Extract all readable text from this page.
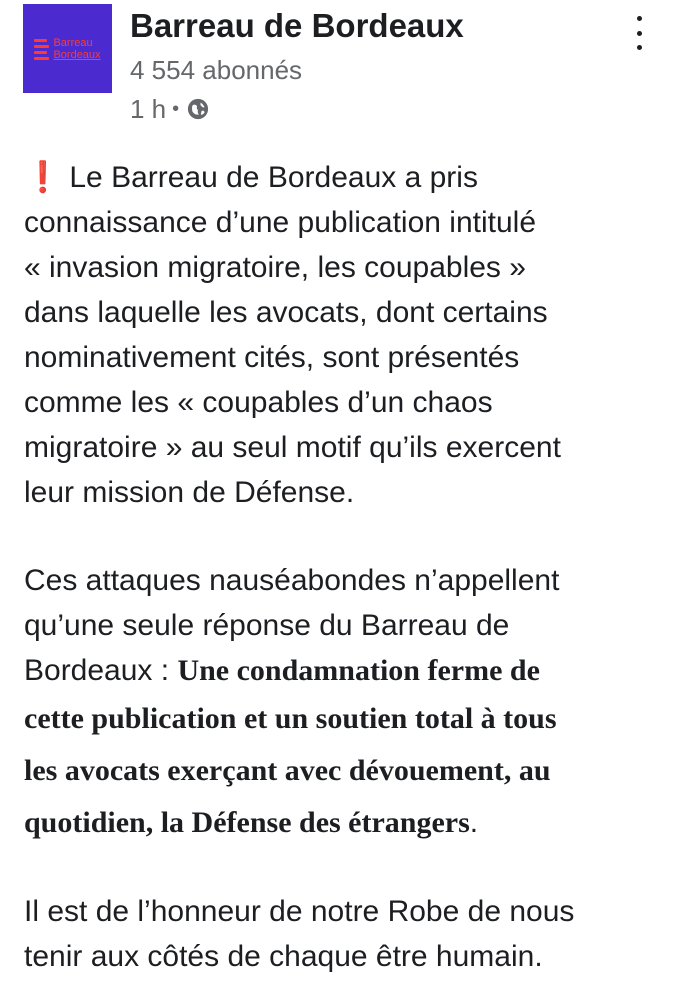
Barreau
Bordeaux
Barreau de Bordeaux
4 554 abonnés
1 h •

❗ Le Barreau de Bordeaux a pris
connaissance d’une publication intitulé
« invasion migratoire, les coupables »
dans laquelle les avocats, dont certains
nominativement cités, sont présentés
comme les « coupables d’un chaos
migratoire » au seul motif qu’ils exercent
leur mission de Défense.

Ces attaques nauséabondes n’appellent
qu’une seule réponse du Barreau de
Bordeaux : Une condamnation ferme de
cette publication et un soutien total à tous
les avocats exerçant avec dévouement, au
quotidien, la Défense des étrangers.

Il est de l’honneur de notre Robe de nous
tenir aux côtés de chaque être humain.
